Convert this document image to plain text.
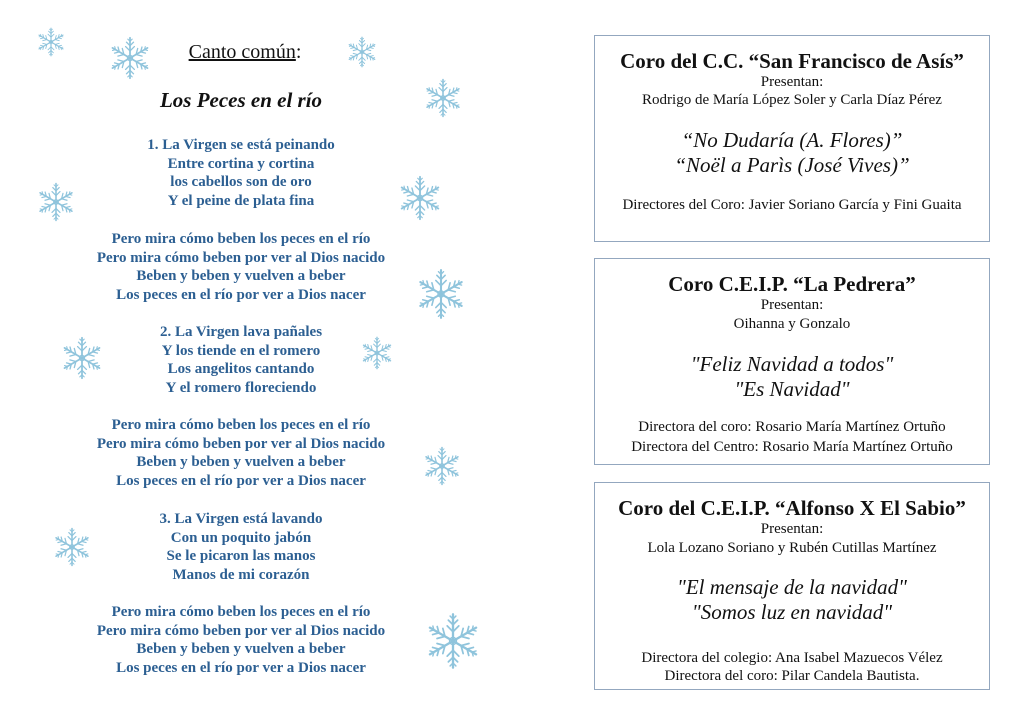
Canto común:
Los Peces en el río
1. La Virgen se está peinando
Entre cortina y cortina
los cabellos son de oro
Y el peine de plata fina
Pero mira cómo beben los peces en el río
Pero mira cómo beben por ver al Dios nacido
Beben y beben y vuelven a beber
Los peces en el río por ver a Dios nacer
2. La Virgen lava pañales
Y los tiende en el romero
Los angelitos cantando
Y el romero floreciendo
Pero mira cómo beben los peces en el río
Pero mira cómo beben por ver al Dios nacido
Beben y beben y vuelven a beber
Los peces en el río por ver a Dios nacer
3. La Virgen está lavando
Con un poquito jabón
Se le picaron las manos
Manos de mi corazón
Pero mira cómo beben los peces en el río
Pero mira cómo beben por ver al Dios nacido
Beben y beben y vuelven a beber
Los peces en el río por ver a Dios nacer
Coro del C.C. “San Francisco de Asís”
Presentan:
Rodrigo de María López Soler y Carla Díaz Pérez
“No Dudaría (A. Flores)”
“Noël a Parìs (José Vives)”
Directores del Coro: Javier Soriano García y Fini Guaita
Coro C.E.I.P. “La Pedrera”
Presentan:
Oihanna y Gonzalo
"Feliz Navidad a todos"
"Es Navidad"
Directora del coro: Rosario María Martínez Ortuño
Directora del Centro: Rosario María Martínez Ortuño
Coro del C.E.I.P. “Alfonso X El Sabio”
Presentan:
Lola Lozano Soriano y Rubén Cutillas Martínez
"El mensaje de la navidad"
"Somos luz en navidad"
Directora del colegio: Ana Isabel Mazuecos Vélez
Directora del coro: Pilar Candela Bautista.
